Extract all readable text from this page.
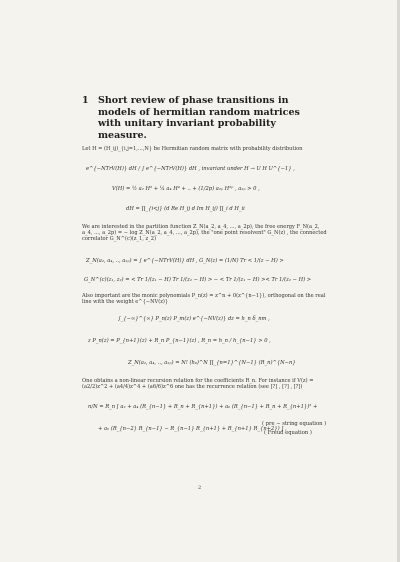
1 Short review of phase transitions in models of hermitian random matrices with unitary invariant probability measure.

Let H = (H_ij)_{i,j=1,...,N} be Hermitian random matrix with probability distribution

e^{−NTrV(H)} dH / ∫ e^{−NTrV(H)} dH , invariant under H → U H U^{−1} ,
V(H) = ½ a₂ H² + ¼ a₄ H⁴ + .. + (1/2p) a₂ₚ H²ᵖ , a₂ₚ > 0 ,
dH = ∏_{i<j} (d Re H_ij d Im H_ij) ∏_i d H_ii

We are interested in the partition function Z_N(a_2, a_4, ..., a_2p), the free energy F_N(a_2, a_4, ..., a_2p) = − log Z_N(a_2, a_4, ..., a_2p), the "one point resolvent" G_N(z) , the connected correlator G_N^(c)(z_1, z_2)

Z_N(a₂, a₄, .., a₂ₚ) = ∫ e^{−NTrV(H)} dH , G_N(z) = (1/N) Tr < 1/(z − H) >
G_N^(c)(z₁, z₂) = < Tr 1/(z₁ − H) Tr 1/(z₂ − H) > − < Tr 1/(z₁ − H) >< Tr 1/(z₂ − H) >

Also important are the monic polynomials P_n(z) = z^n + 0(z^{n−1}), orthogonal on the real line with the weight e^{−NV(z)}

∫_{−∞}^{∞} P_n(z) P_m(z) e^{−NV(z)} dz = h_n δ_nm ,
z P_n(z) = P_{n+1}(z) + R_n P_{n−1}(z) , R_n = h_n / h_{n−1} > 0 ,
Z_N(a₂, a₄, .., a₂ₚ) = N! (h₀)^N ∏_{n=1}^{N−1} (R_n)^{N−n}

One obtains a non-linear recursion relation for the coefficients R_n. For instance if V(z) = (a2/2)z^2 + (a4/4)z^4 + (a6/6)z^6 one has the recurrence relation (see [?] , [?] , [?])

n/N = R_n [ a₂ + a₄ (R_{n−1} + R_n + R_{n+1}) + a₆ (R_{n−1} + R_n + R_{n+1})² +
+ a₆ (R_{n−2} R_{n−1} − R_{n−1} R_{n+1} + R_{n+1} R_{n+2}) ] ,
( pre − string equation )
( Freud equation )
2
